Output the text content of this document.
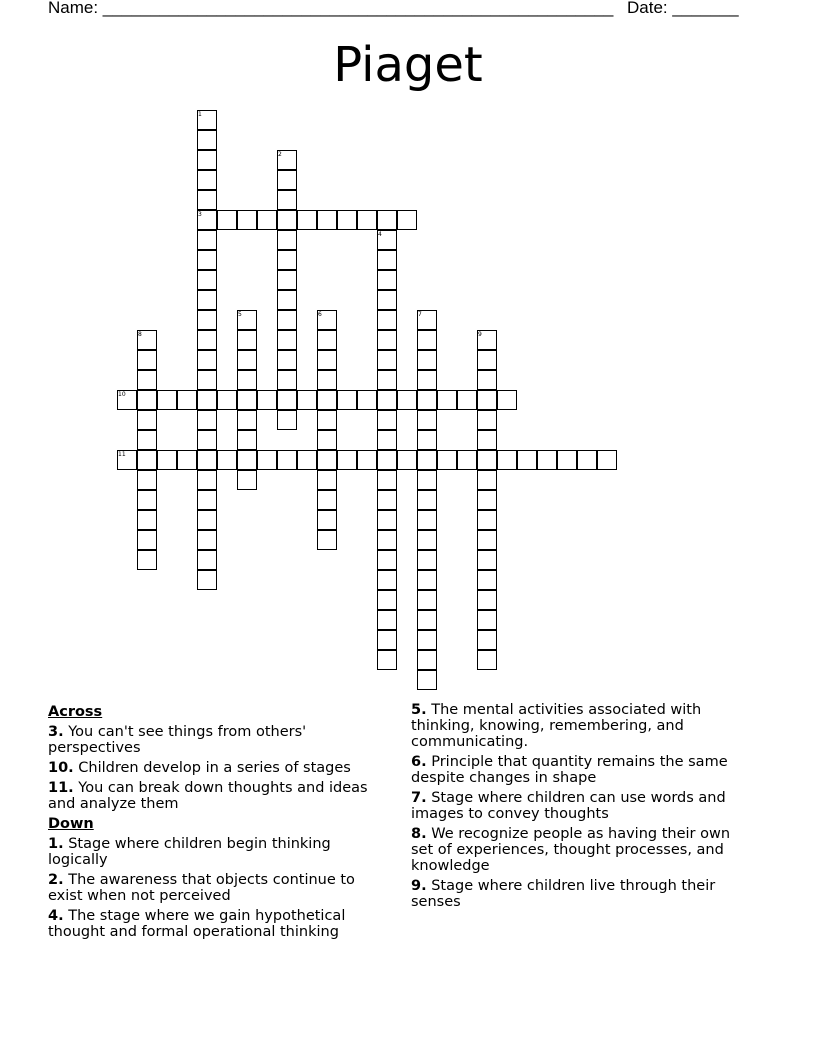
Name: ______________________________________________________ Date: _______
Piaget
1
2
3
4
5	6	7
8	9
10
11
Across
3. You can't see things from others' perspectives
10. Children develop in a series of stages
11. You can break down thoughts and ideas and analyze them
Down
1. Stage where children begin thinking logically
2. The awareness that objects continue to exist when not perceived
4. The stage where we gain hypothetical thought and formal operational thinking
5. The mental activities associated with thinking, knowing, remembering, and communicating.
6. Principle that quantity remains the same despite changes in shape
7. Stage where children can use words and images to convey thoughts
8. We recognize people as having their own set of experiences, thought processes, and knowledge
9. Stage where children live through their senses
